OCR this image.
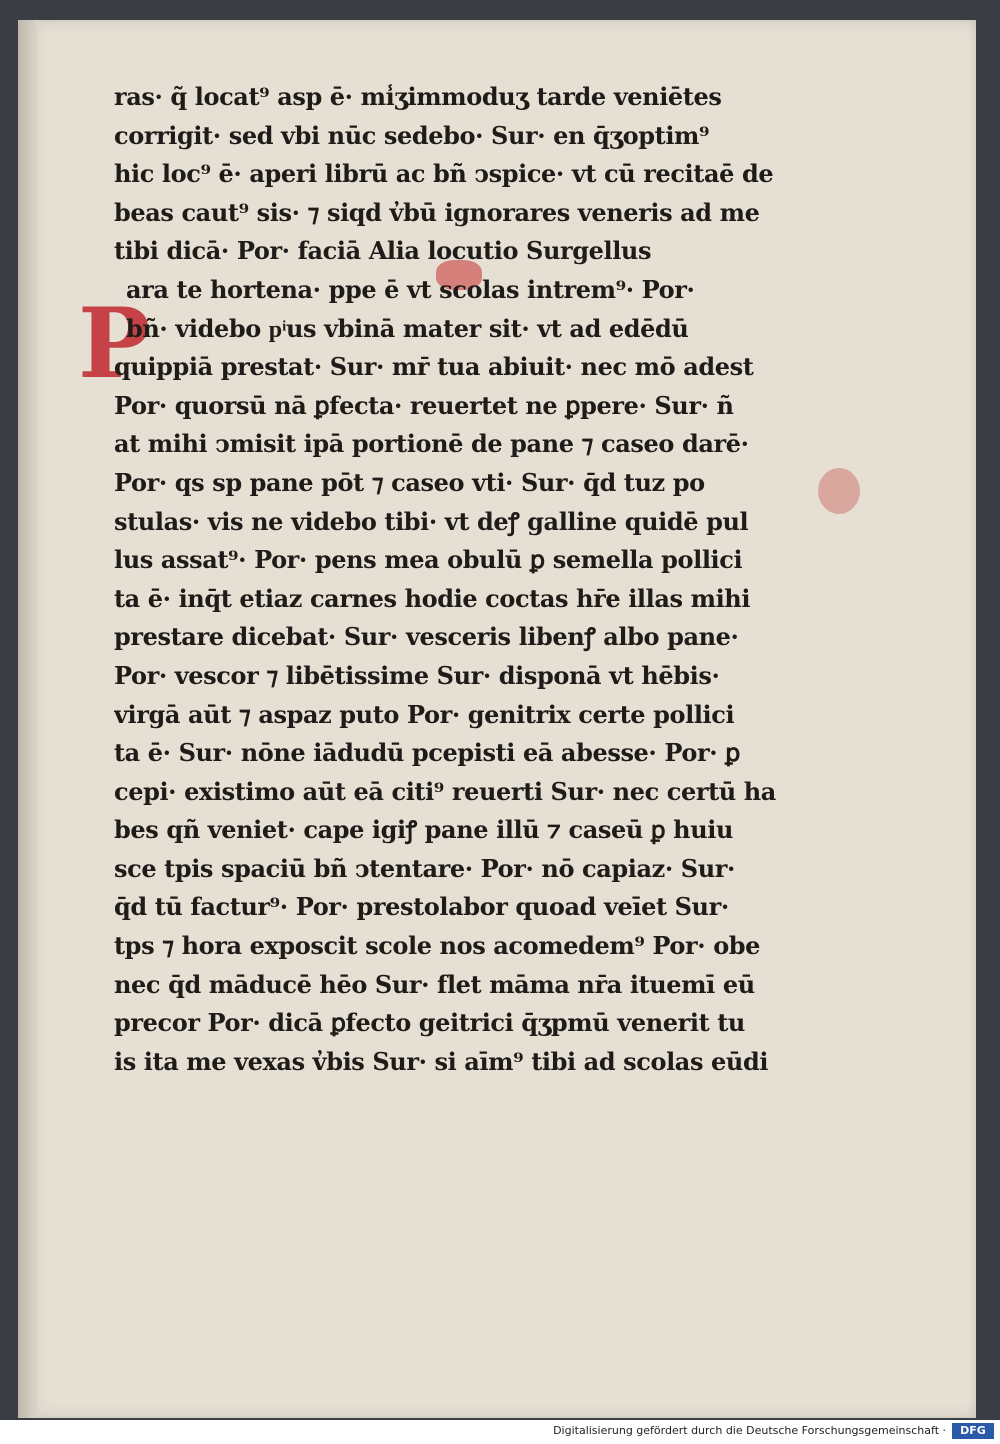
P
ras· q̃ locat⁹ asp ē· mi̾ʒimmoduʒ tarde veniētes
corrigit· sed vbi nūc sedebo· Sur· en q̄ʒoptim⁹
hic loc⁹ ē· aperi librū ac bñ ↄspice· vt cū recitaē de
beas caut⁹ sis· ⁊ siqd v̓bū ignorares veneris ad me
tibi dicā· Por· faciā Alia locutio Surgellus
ara te hortena· ppe ē vt scolas intrem⁹· Por·
bñ· videbo pͥus vbinā mater sit· vt ad edēdū
quippiā prestat· Sur· mr̄ tua abiuit· nec mō adest
Por· quorsū nā ꝑfecta· reuertet ne ꝑpere· Sur· ñ
at mihi ↄmisit ipā portionē de pane ⁊ caseo darē·
Por· qs sp pane pōt ⁊ caseo vti· Sur· q̄d tuz po
stulas· vis ne videbo tibi· vt deꝭ galline quidē pul
lus assat⁹· Por· pens mea obulū ꝑ semella pollici
ta ē· inq̄t etiaz carnes hodie coctas hr̄e illas mihi
prestare dicebat· Sur· vesceris libenꝭ albo pane·
Por· vescor ⁊ libētissime Sur· disponā vt hēbis·
virgā aūt ⁊ aspaz puto Por· genitrix certe pollici
ta ē· Sur· nōne iādudū pcepisti eā abesse· Por· ꝑ
cepi· existimo aūt eā citi⁹ reuerti Sur· nec certū ha
bes qñ veniet· cape igiꝭ pane illū ⁊ caseū ꝑ huiu
sce tpis spaciū bñ ↄtentare· Por· nō capiaz· Sur·
q̄d tū factur⁹· Por· prestolabor quoad veīet Sur·
tps ⁊ hora exposcit scole nos acomedem⁹ Por· obe
nec q̄d māducē hēo Sur· flet māma nr̄a ituemī eū
precor Por· dicā ꝑfecto geitrici q̄ʒpmū venerit tu
is ita me vexas v̓bis Sur· si aīm⁹ tibi ad scolas eūdi
Digitalisierung gefördert durch die Deutsche Forschungsgemeinschaft ·	DFG
